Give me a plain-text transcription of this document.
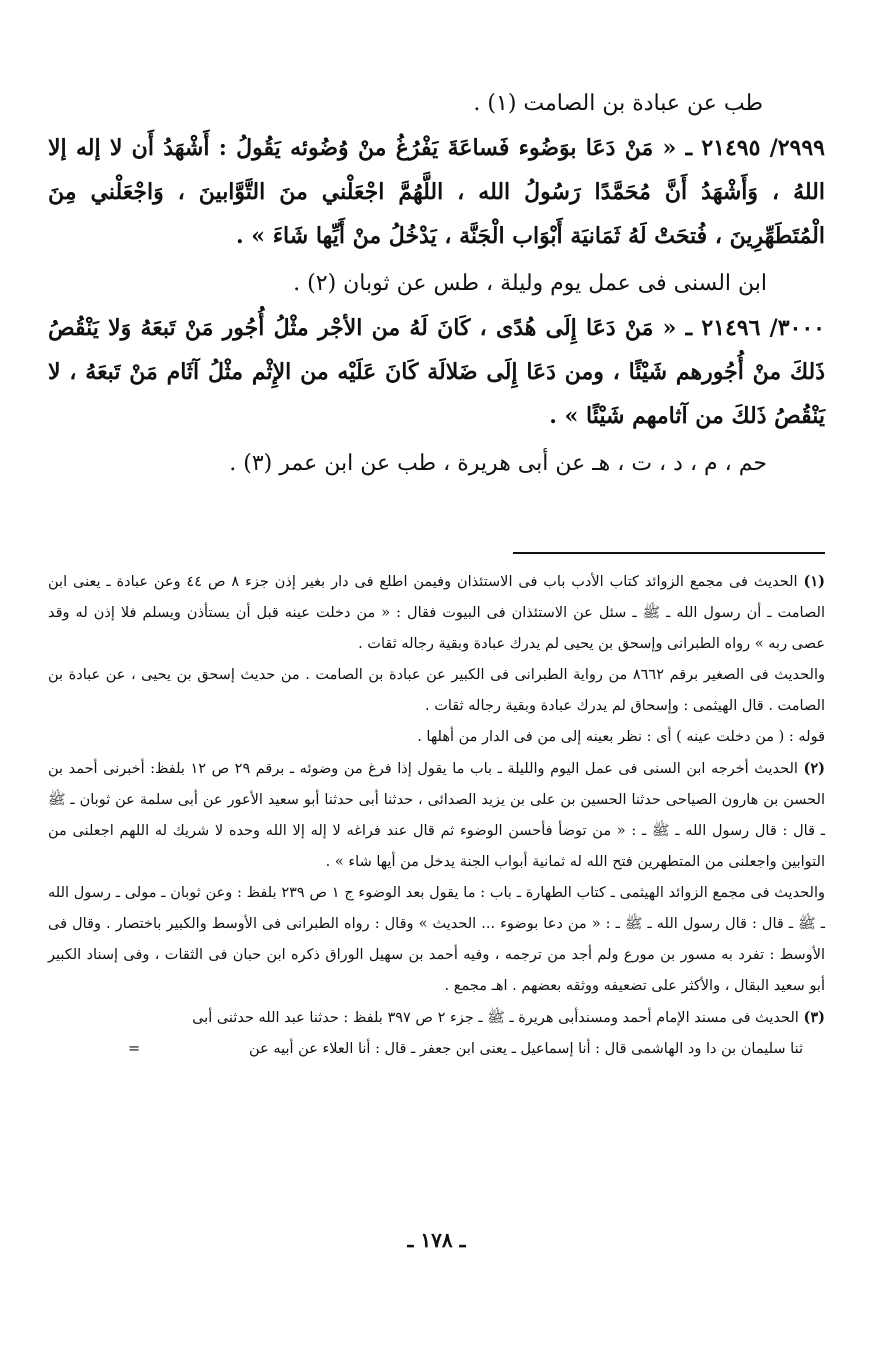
طب عن عبادة بن الصامت (١) .

٢٩٩٩/ ٢١٤٩٥ ـ « مَنْ دَعَا بوَضُوء فَساعَةَ يَفْرُغُ منْ وُضُوئه يَقُولُ : أَشْهَدُ أَن لا إله إلا اللهُ ، وَأَشْهَدُ أَنَّ مُحَمَّدًا رَسُولُ الله ، اللَّهُمَّ اجْعَلْني منَ التَّوَّابينَ ، وَاجْعَلْني مِنَ الْمُتَطَهِّرِينَ ، فُتحَتْ لَهُ ثَمَانيَة أَبْوَاب الْجَنَّة ، يَدْخُلُ منْ أَيِّها شَاءَ » .

ابن السنى فى عمل يوم وليلة ، طس عن ثوبان (٢) .

٣٠٠٠/ ٢١٤٩٦ ـ « مَنْ دَعَا إِلَى هُدًى ، كَانَ لَهُ من الأجْر مثْلُ أُجُور مَنْ تَبعَهُ وَلا يَنْقُصُ ذَلكَ منْ أُجُورهم شَيْئًا ، ومن دَعَا إِلَى ضَلالَة كَانَ عَلَيْه من الإِثْم مثْلُ آثَام مَنْ تَبعَهُ ، لا يَنْقُصُ ذَلكَ من آثامهم شَيْئًا » .

حم ، م ، د ، ت ، هـ عن أبى هريرة ، طب عن ابن عمر (٣) .

(١) الحديث فى مجمع الزوائد كتاب الأدب باب فى الاستئذان وفيمن اطلع فى دار بغير إذن جزء ٨ ص ٤٤ وعن عبادة ـ يعنى ابن الصامت ـ أن رسول الله ـ ﷺ ـ سئل عن الاستئذان فى البيوت فقال : « من دخلت عينه قبل أن يستأذن ويسلم فلا إذن له وقد عصى ربه » رواه الطبرانى وإسحق بن يحيى لم يدرك عبادة وبقية رجاله ثقات .

والحديث فى الصغير برقم ٨٦٦٢ من رواية الطبرانى فى الكبير عن عبادة بن الصامت . من حديث إسحق بن يحيى ، عن عبادة بن الصامت . قال الهيثمى : وإسحاق لم يدرك عبادة وبقية رجاله ثقات .

قوله : ( من دخلت عينه ) أى : نظر بعينه إلى من فى الدار من أهلها .

(٢) الحديث أخرجه ابن السنى فى عمل اليوم والليلة ـ باب ما يقول إذا فرغ من وضوئه ـ برقم ٢٩ ص ١٢ بلفظ: أخبرنى أحمد بن الحسن بن هارون الصياحى حدثنا الحسين بن على بن يزيد الصدائى ، حدثنا أبى حدثنا أبو سعيد الأعور عن أبى سلمة عن ثوبان ـ ﷺ ـ قال : قال رسول الله ـ ﷺ ـ : « من توضأ فأحسن الوضوء ثم قال عند فراغه لا إله إلا الله وحده لا شريك له اللهم اجعلنى من التوابين واجعلنى من المتطهرين فتح الله له ثمانية أبواب الجنة يدخل من أيها شاء » .

والحديث فى مجمع الزوائد الهيثمى ـ كتاب الطهارة ـ باب : ما يقول بعد الوضوء ج ١ ص ٢٣٩ بلفظ : وعن ثوبان ـ مولى ـ رسول الله ـ ﷺ ـ قال : قال رسول الله ـ ﷺ ـ : « من دعا بوضوء ... الحديث » وقال : رواه الطبرانى فى الأوسط والكبير باختصار . وقال فى الأوسط : تفرد به مسور بن مورع ولم أجد من ترجمه ، وفيه أحمد بن سهيل الوراق ذكره ابن حبان فى الثقات ، وفى إسناد الكبير أبو سعيد البقال ، والأكثر على تضعيفه ووثقه بعضهم . اهـ مجمع .

(٣) الحديث فى مسند الإمام أحمد ومسندأبى هريرة ـ ﷺ ـ جزء ٢ ص ٣٩٧ بلفظ : حدثنا عبد الله حدثنى أبى

ثنا سليمان بن دا ود الهاشمى قال : أنا إسماعيل ـ يعنى ابن جعفر ـ قال : أنا العلاء عن أبيه عن
=
ـ ١٧٨ ـ
